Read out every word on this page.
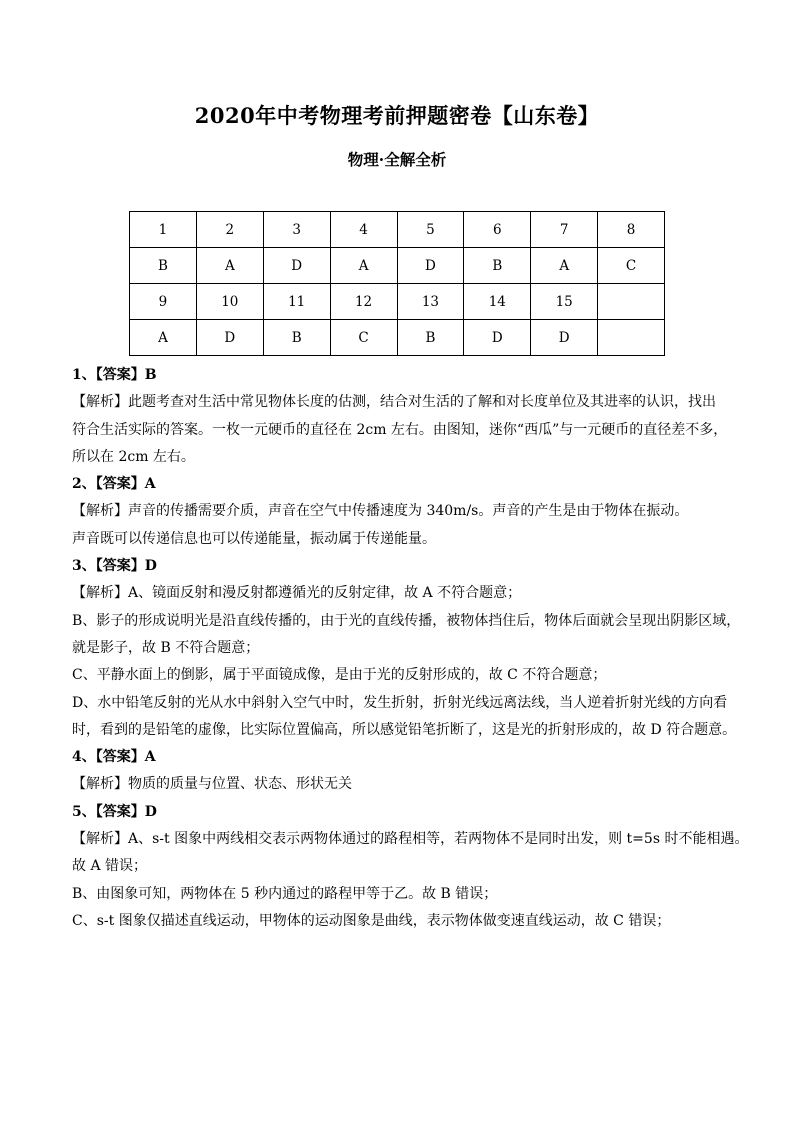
2020年中考物理考前押题密卷【山东卷】
物理·全解全析
1	2	3	4	5	6	7	8
B	A	D	A	D	B	A	C
9	10	11	12	13	14	15	
A	D	B	C	B	D	D	
1、【答案】B
【解析】此题考查对生活中常见物体长度的估测，结合对生活的了解和对长度单位及其进率的认识，找出
符合生活实际的答案。一枚一元硬币的直径在 2cm 左右。由图知，迷你“西瓜”与一元硬币的直径差不多，
所以在 2cm 左右。
2、【答案】A
【解析】声音的传播需要介质，声音在空气中传播速度为 340m/s。声音的产生是由于物体在振动。
声音既可以传递信息也可以传递能量，振动属于传递能量。
3、【答案】D
【解析】A、镜面反射和漫反射都遵循光的反射定律，故 A 不符合题意；
B、影子的形成说明光是沿直线传播的，由于光的直线传播，被物体挡住后，物体后面就会呈现出阴影区域，
就是影子，故 B 不符合题意；
C、平静水面上的倒影，属于平面镜成像，是由于光的反射形成的，故 C 不符合题意；
D、水中铅笔反射的光从水中斜射入空气中时，发生折射，折射光线远离法线，当人逆着折射光线的方向看
时，看到的是铅笔的虚像，比实际位置偏高，所以感觉铅笔折断了，这是光的折射形成的，故 D 符合题意。
4、【答案】A
【解析】物质的质量与位置、状态、形状无关
5、【答案】D
【解析】A、s-t 图象中两线相交表示两物体通过的路程相等，若两物体不是同时出发，则 t=5s 时不能相遇。
故 A 错误；
B、由图象可知，两物体在 5 秒内通过的路程甲等于乙。故 B 错误；
C、s-t 图象仅描述直线运动，甲物体的运动图象是曲线，表示物体做变速直线运动，故 C 错误；
